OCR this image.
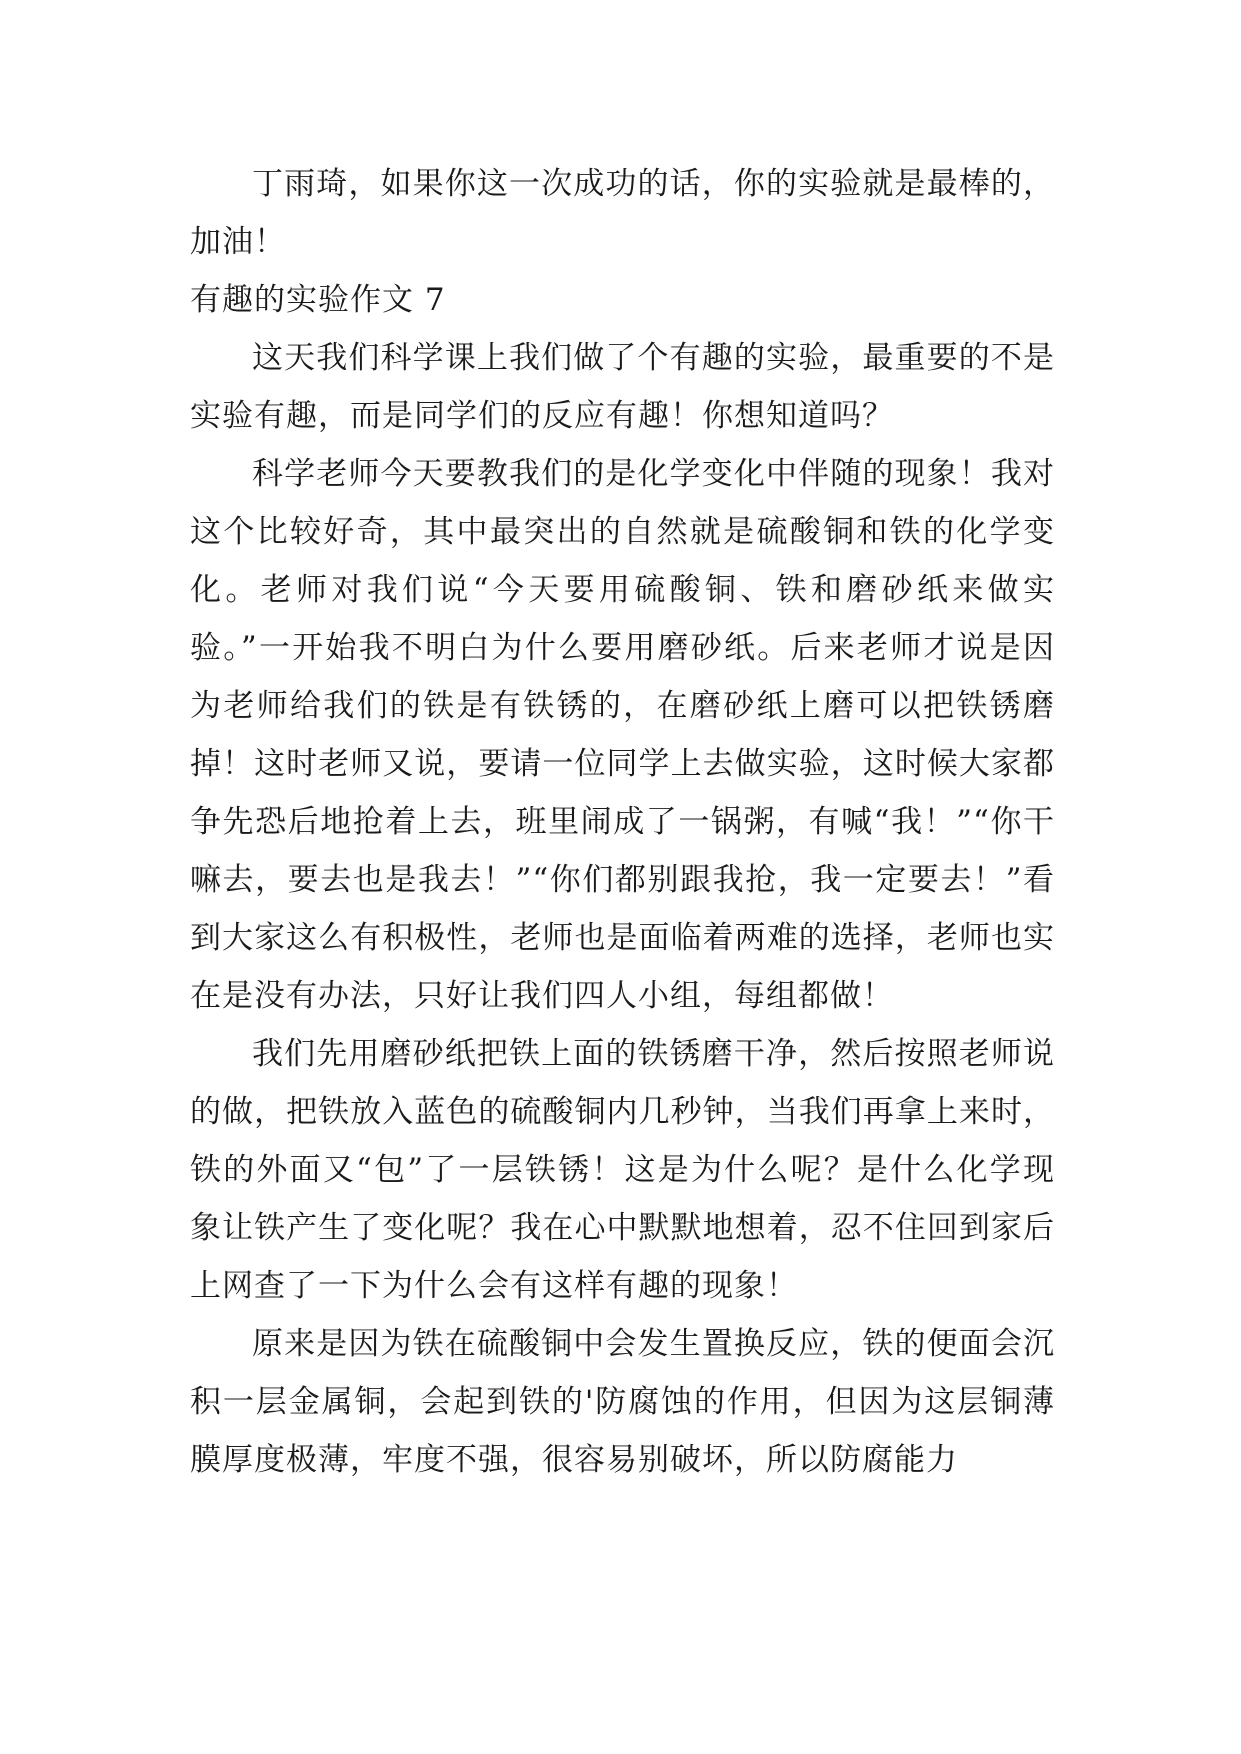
丁雨琦，如果你这一次成功的话，你的实验就是最棒的，加油！

有趣的实验作文 7

这天我们科学课上我们做了个有趣的实验，最重要的不是实验有趣，而是同学们的反应有趣！你想知道吗？

科学老师今天要教我们的是化学变化中伴随的现象！我对这个比较好奇，其中最突出的自然就是硫酸铜和铁的化学变化。老师对我们说“今天要用硫酸铜、铁和磨砂纸来做实验。”一开始我不明白为什么要用磨砂纸。后来老师才说是因为老师给我们的铁是有铁锈的，在磨砂纸上磨可以把铁锈磨掉！这时老师又说，要请一位同学上去做实验，这时候大家都争先恐后地抢着上去，班里闹成了一锅粥，有喊“我！”“你干嘛去，要去也是我去！”“你们都别跟我抢，我一定要去！”看到大家这么有积极性，老师也是面临着两难的选择，老师也实在是没有办法，只好让我们四人小组，每组都做！

我们先用磨砂纸把铁上面的铁锈磨干净，然后按照老师说的做，把铁放入蓝色的硫酸铜内几秒钟，当我们再拿上来时，铁的外面又“包”了一层铁锈！这是为什么呢？是什么化学现象让铁产生了变化呢？我在心中默默地想着，忍不住回到家后上网查了一下为什么会有这样有趣的现象！

原来是因为铁在硫酸铜中会发生置换反应，铁的便面会沉积一层金属铜，会起到铁的'防腐蚀的作用，但因为这层铜薄膜厚度极薄，牢度不强，很容易别破坏，所以防腐能力
